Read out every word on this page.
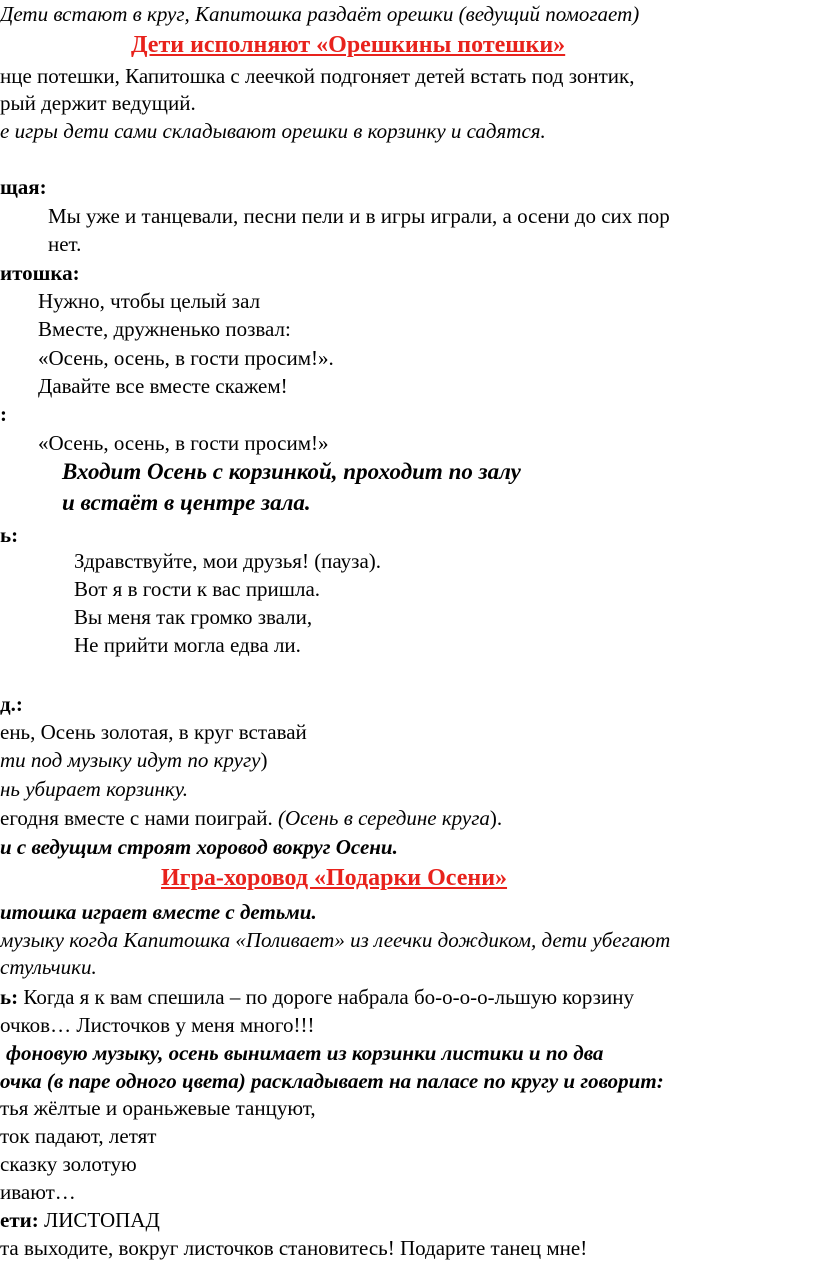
Дети встают в круг, Капитошка раздаёт орешки (ведущий помогает)
Дети исполняют «Орешкины потешки»
нце потешки, Капитошка с леечкой подгоняет детей встать под зонтик,
рый держит ведущий.
е игры дети сами складывают орешки в корзинку и садятся.
щая:
Мы уже и танцевали, песни пели и в игры играли, а осени до сих пор
нет.
итошка:
Нужно, чтобы целый зал
Вместе, дружненько позвал:
«Осень, осень, в гости просим!».
Давайте все вместе скажем!
:
«Осень, осень, в гости просим!»
Входит Осень с корзинкой, проходит по залу
и встаёт в центре зала.
ь:
Здравствуйте, мои друзья! (пауза).
Вот я в гости к вас пришла.
Вы меня так громко звали,
Не прийти могла едва ли.
д.:
ень, Осень золотая, в круг вставай
ти под музыку идут по кругу)
нь убирает корзинку.
егодня вместе с нами поиграй. (Осень в середине круга).
и с ведущим строят хоровод вокруг Осени.
Игра-хоровод «Подарки Осени»
итошка играет вместе с детьми.
музыку когда Капитошка «Поливает» из леечки дождиком, дети убегают
стульчики.
ь: Когда я к вам спешила – по дороге набрала бо-о-о-о-льшую корзину
очков… Листочков у меня много!!!
фоновую музыку, осень вынимает из корзинки листики и по два
очка (в паре одного цвета) раскладывает на паласе по кругу и говорит:
тья жёлтые и ораньжевые танцуют,
ток падают, летят
сказку золотую
ивают…
ети: ЛИСТОПАД
та выходите, вокруг листочков становитесь! Подарите танец мне!
